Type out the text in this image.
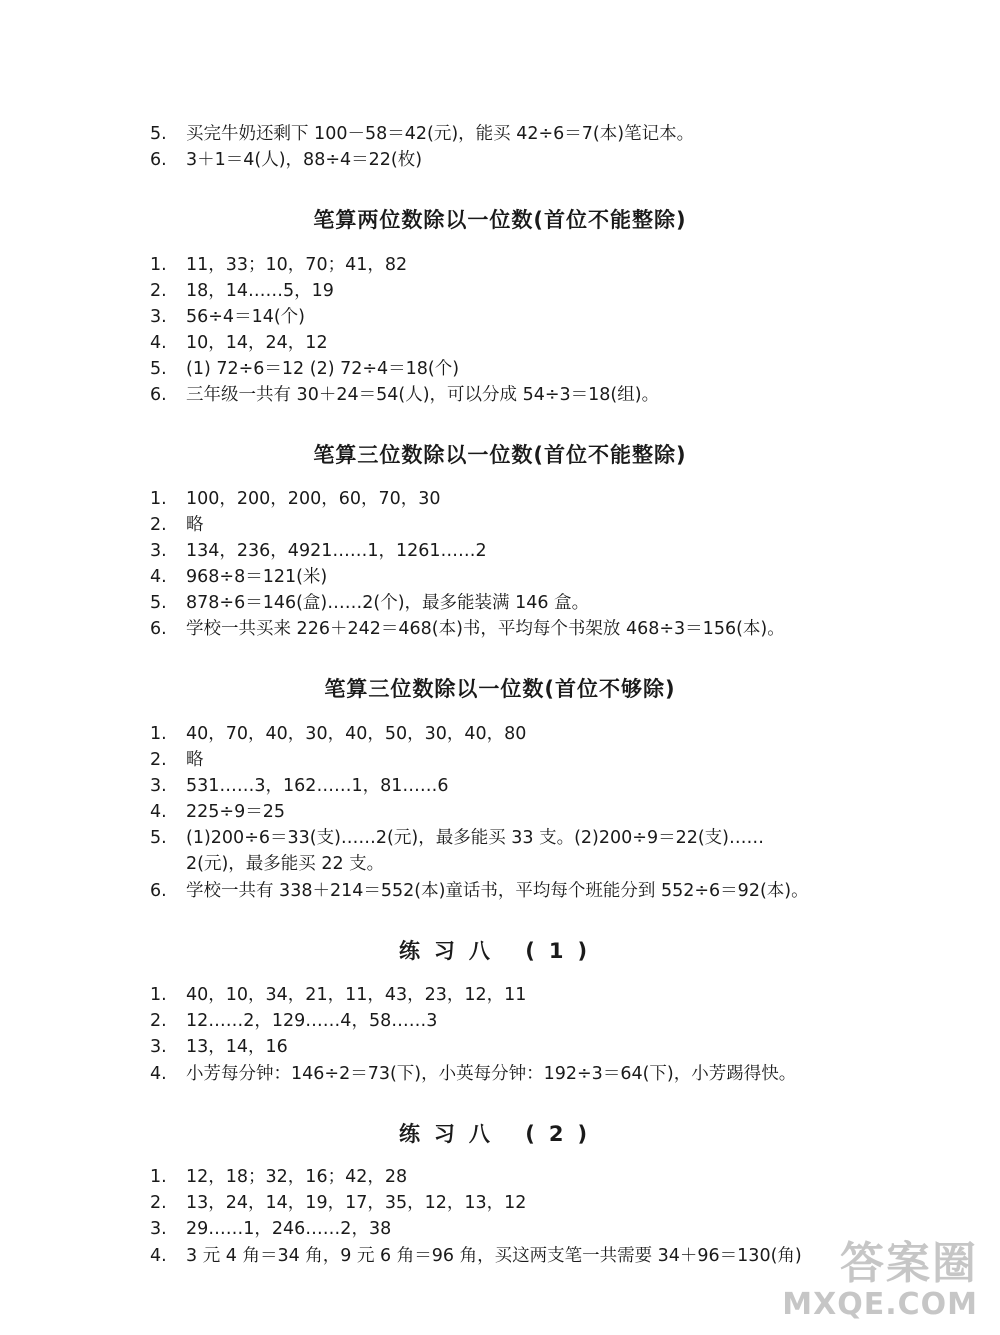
5. 买完牛奶还剩下 100－58＝42(元)，能买 42÷6＝7(本)笔记本。
6. 3＋1＝4(人)，88÷4＝22(枚)
笔算两位数除以一位数(首位不能整除)
1. 11，33；10，70；41，82
2. 18，14……5，19
3. 56÷4＝14(个)
4. 10，14，24，12
5. (1) 72÷6＝12 (2) 72÷4＝18(个)
6. 三年级一共有 30＋24＝54(人)，可以分成 54÷3＝18(组)。
笔算三位数除以一位数(首位不能整除)
1. 100，200，200，60，70，30
2. 略
3. 134，236，4921……1，1261……2
4. 968÷8＝121(米)
5. 878÷6＝146(盒)……2(个)，最多能装满 146 盒。
6. 学校一共买来 226＋242＝468(本)书，平均每个书架放 468÷3＝156(本)。
笔算三位数除以一位数(首位不够除)
1. 40，70，40，30，40，50，30，40，80
2. 略
3. 531……3，162……1，81……6
4. 225÷9＝25
5. (1)200÷6＝33(支)……2(元)，最多能买 33 支。(2)200÷9＝22(支)……
2(元)，最多能买 22 支。
6. 学校一共有 338＋214＝552(本)童话书，平均每个班能分到 552÷6＝92(本)。
练习八 (1)
1. 40，10，34，21，11，43，23，12，11
2. 12……2，129……4，58……3
3. 13，14，16
4. 小芳每分钟：146÷2＝73(下)，小英每分钟：192÷3＝64(下)，小芳踢得快。
练习八 (2)
1. 12，18；32，16；42，28
2. 13，24，14，19，17，35，12，13，12
3. 29……1，246……2，38
4. 3 元 4 角＝34 角，9 元 6 角＝96 角，买这两支笔一共需要 34＋96＝130(角) 答案圈
MXQE.COM
